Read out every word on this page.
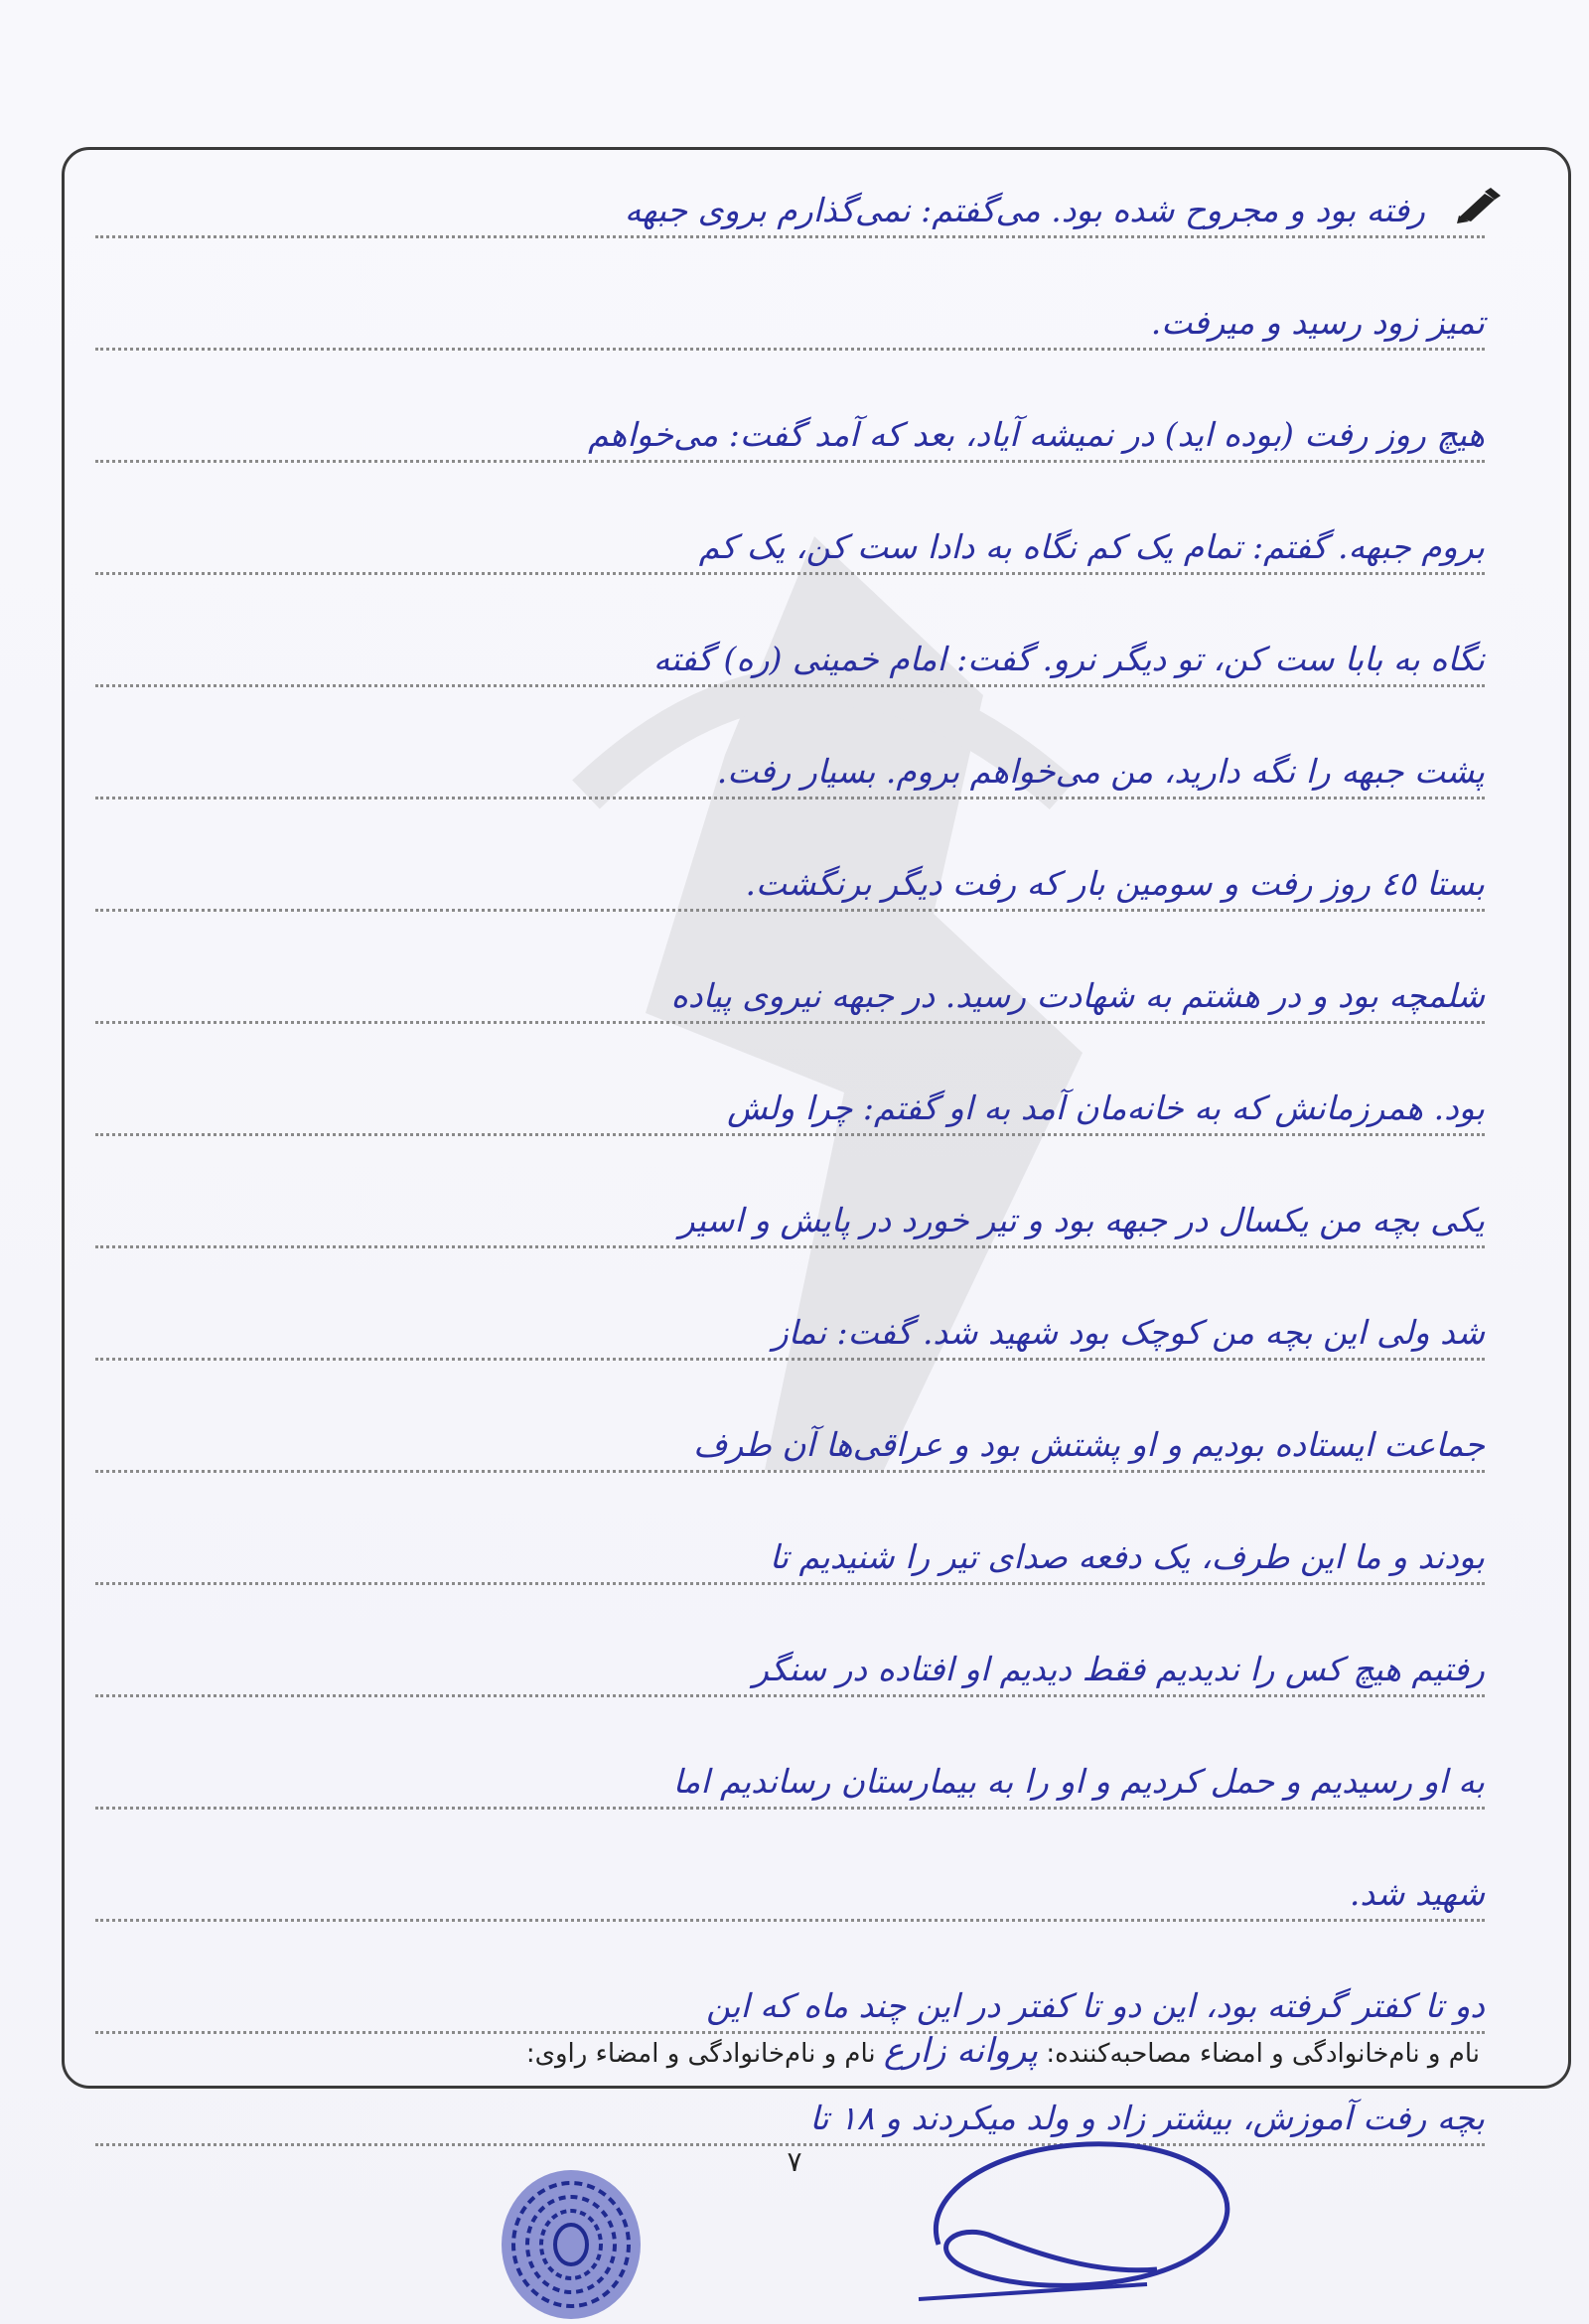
رفته بود و مجروح شده بود. می‌گفتم: نمی‌گذارم بروی جبهه
تمیز زود رسید و میرفت.
هیچ روز رفت (بوده اید) در نمیشه آیاد، بعد که آمد گفت: می‌خواهم
بروم جبهه. گفتم: تمام یک کم نگاه به دادا ست کن، یک کم
نگاه به بابا ست کن، تو دیگر نرو. گفت: امام خمینی (ره) گفته
پشت جبهه را نگه دارید، من می‌خواهم بروم. بسیار رفت.
بستا ٤٥ روز رفت و سومین بار که رفت دیگر برنگشت.
شلمچه بود و در هشتم به شهادت رسید. در جبهه نیروی پیاده
بود. همرزمانش که به خانه‌مان آمد به او گفتم: چرا ولش
یکی بچه من یکسال در جبهه بود و تیر خورد در پایش و اسیر
شد ولی این بچه من کوچک بود شهید شد. گفت: نماز
جماعت ایستاده بودیم و او پشتش بود و عراقی‌ها آن طرف
بودند و ما این طرف، یک دفعه صدای تیر را شنیدیم تا
رفتیم هیچ کس را ندیدیم فقط دیدیم او افتاده در سنگر
به او رسیدیم و حمل کردیم و او را به بیمارستان رساندیم اما
شهید شد.
دو تا کفتر گرفته بود، این دو تا کفتر در این چند ماه که این
بچه رفت آموزش، بیشتر زاد و ولد میکردند و ١٨ تا
نام و نام‌خانوادگی و امضاء مصاحبه‌کننده: پروانه زارع نام و نام‌خانوادگی و امضاء راوی:
۷
